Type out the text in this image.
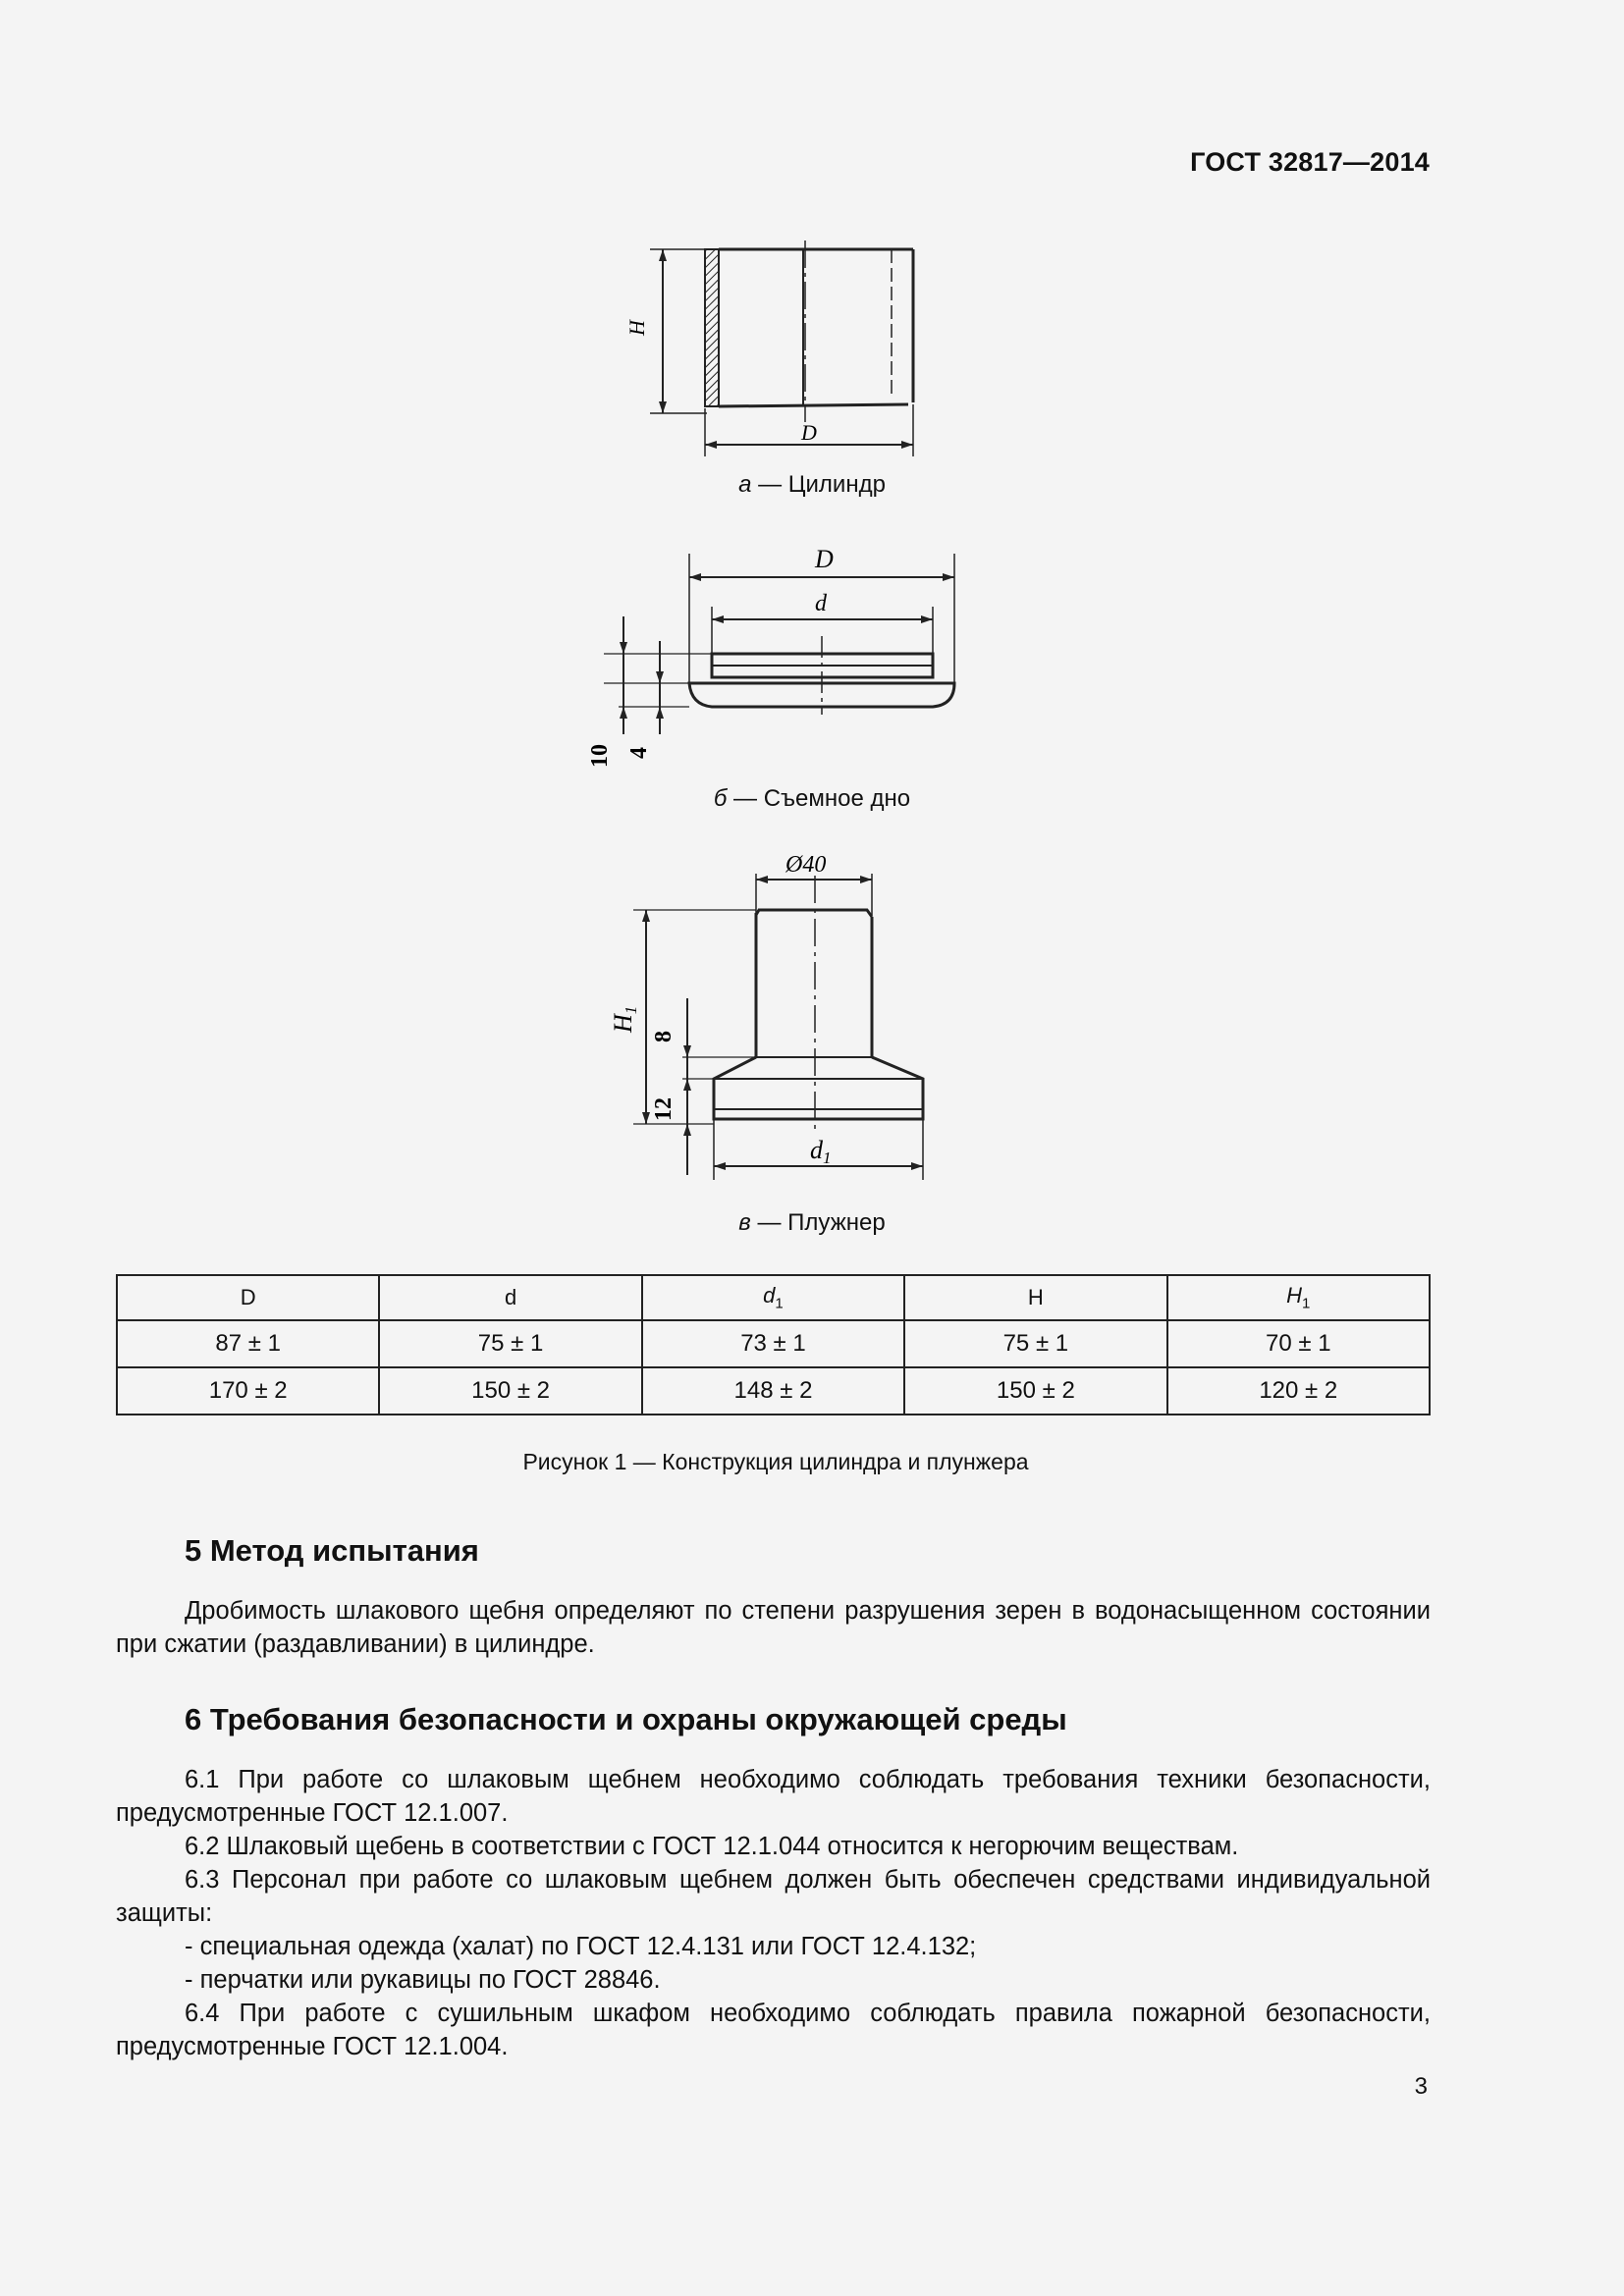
ГОСТ 32817—2014
H
D
а — Цилиндр
D
d
10 4
б — Съемное дно
Ø40
H1
8
12
d1
в — Плужнер
D	d	$d_1$	H	$H_1$
87 ± 1	75 ± 1	73 ± 1	75 ± 1	70 ± 1
170 ± 2	150 ± 2	148 ± 2	150 ± 2	120 ± 2
Рисунок 1 — Конструкция цилиндра и плунжера
5 Метод испытания
Дробимость шлакового щебня определяют по степени разрушения зерен в водонасыщенном состоянии при сжатии (раздавливании) в цилиндре.
6 Требования безопасности и охраны окружающей среды
6.1 При работе со шлаковым щебнем необходимо соблюдать требования техники безопасности, предусмотренные ГОСТ 12.1.007.
6.2 Шлаковый щебень в соответствии с ГОСТ 12.1.044 относится к негорючим веществам.
6.3 Персонал при работе со шлаковым щебнем должен быть обеспечен средствами индивидуальной защиты:
- специальная одежда (халат) по ГОСТ 12.4.131 или ГОСТ 12.4.132;
- перчатки или рукавицы по ГОСТ 28846.
6.4 При работе с сушильным шкафом необходимо соблюдать правила пожарной безопасности, предусмотренные ГОСТ 12.1.004.
3
